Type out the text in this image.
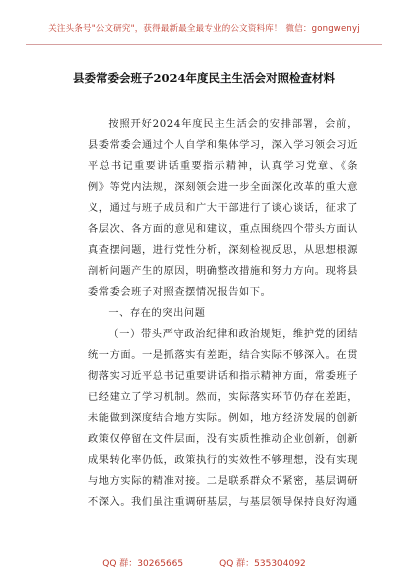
关注头条号"公文研究"，获得最新最全最专业的公文资料库！ 微信：gongwenyj
县委常委会班子2024年度民主生活会对照检查材料

按照开好2024年度民主生活会的安排部署，会前，县委常委会通过个人自学和集体学习，深入学习领会习近平总书记重要讲话重要指示精神，认真学习党章、《条例》等党内法规，深刻领会进一步全面深化改革的重大意义，通过与班子成员和广大干部进行了谈心谈话，征求了各层次、各方面的意见和建议，重点围绕四个带头方面认真查摆问题，进行党性分析，深刻检视反思，从思想根源剖析问题产生的原因，明确整改措施和努力方向。现将县委常委会班子对照查摆情况报告如下。

一、存在的突出问题

（一）带头严守政治纪律和政治规矩，维护党的团结统一方面。一是抓落实有差距，结合实际不够深入。在贯彻落实习近平总书记重要讲话和指示精神方面，常委班子已经建立了学习机制。然而，实际落实环节仍存在差距，未能做到深度结合地方实际。例如，地方经济发展的创新政策仅停留在文件层面，没有实质性推动企业创新，创新成果转化率仍低，政策执行的实效性不够理想，没有实现与地方实际的精准对接。二是联系群众不紧密，基层调研不深入。我们虽注重调研基层，与基层领导保持良好沟通

QQ 群：30265665	QQ 群：535304092
